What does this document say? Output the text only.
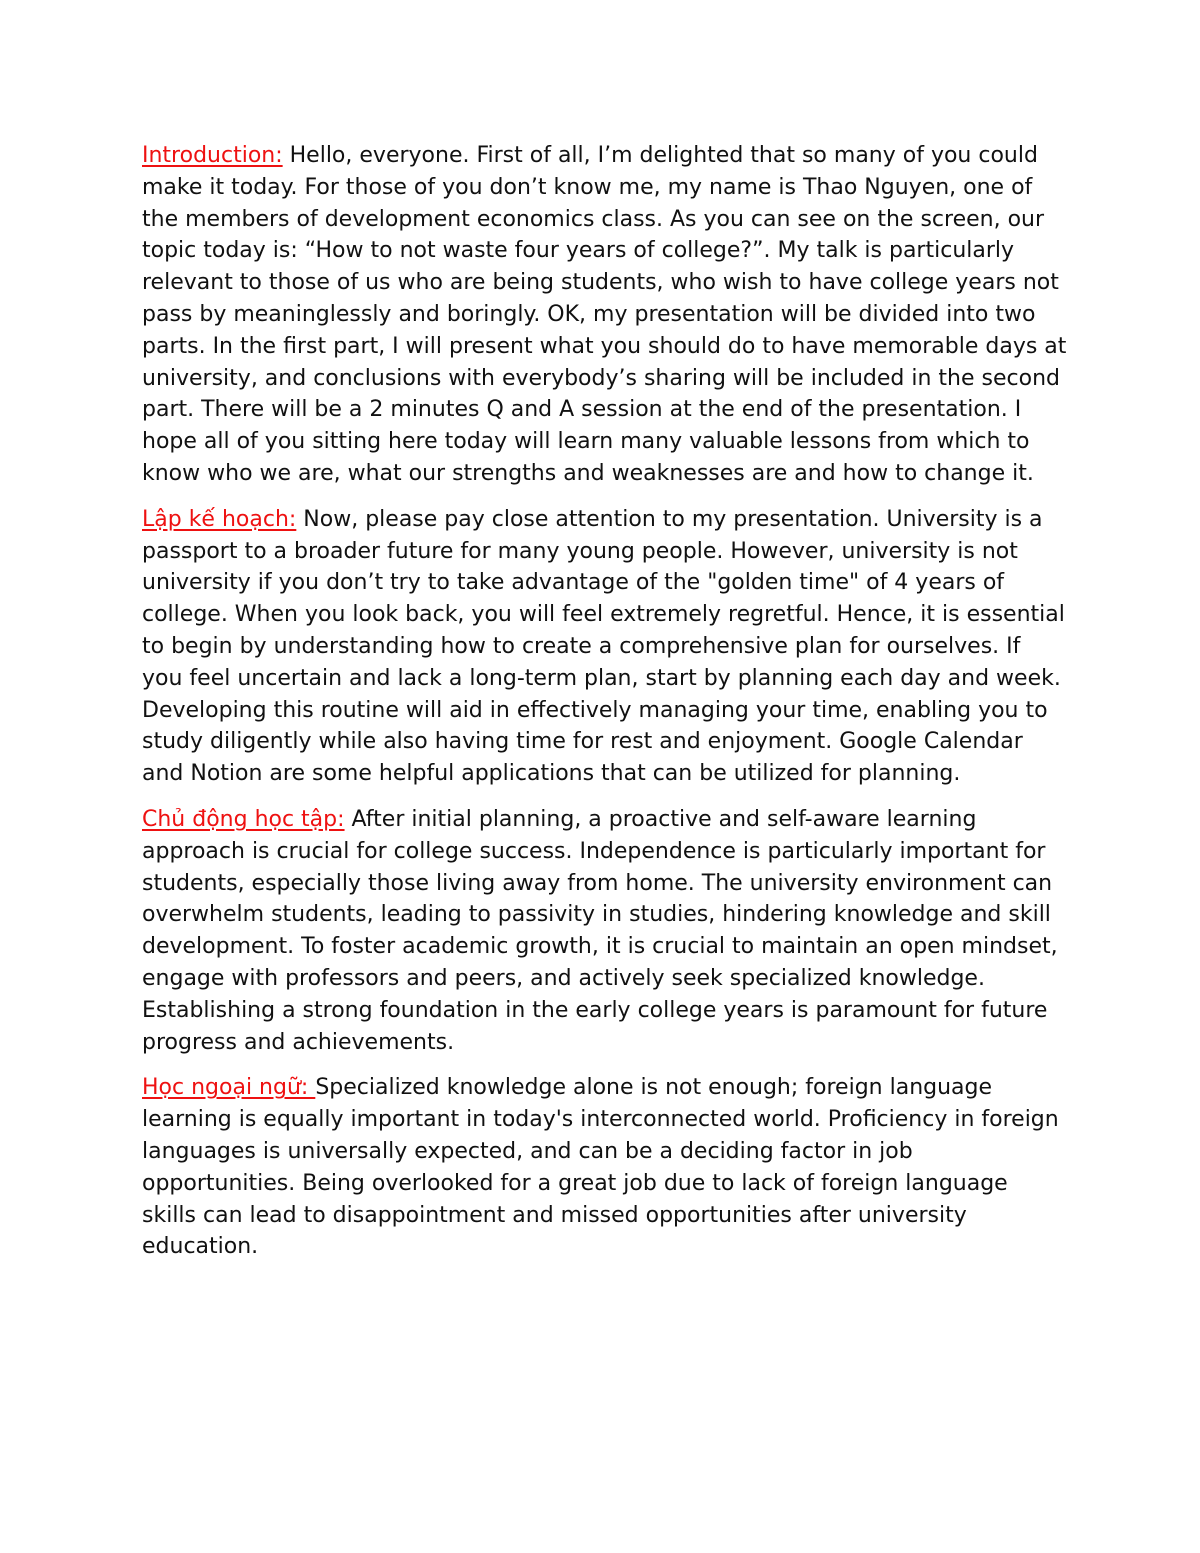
Introduction: Hello, everyone. First of all, I’m delighted that so many of you could make it today. For those of you don’t know me, my name is Thao Nguyen, one of the members of development economics class. As you can see on the screen, our topic today is: “How to not waste four years of college?”. My talk is particularly relevant to those of us who are being students, who wish to have college years not pass by meaninglessly and boringly. OK, my presentation will be divided into two parts. In the first part, I will present what you should do to have memorable days at university, and conclusions with everybody’s sharing will be included in the second part. There will be a 2 minutes Q and A session at the end of the presentation. I hope all of you sitting here today will learn many valuable lessons from which to know who we are, what our strengths and weaknesses are and how to change it.

Lập kế hoạch: Now, please pay close attention to my presentation. University is a passport to a broader future for many young people. However, university is not university if you don’t try to take advantage of the "golden time" of 4 years of college. When you look back, you will feel extremely regretful. Hence, it is essential to begin by understanding how to create a comprehensive plan for ourselves. If you feel uncertain and lack a long-term plan, start by planning each day and week. Developing this routine will aid in effectively managing your time, enabling you to study diligently while also having time for rest and enjoyment. Google Calendar and Notion are some helpful applications that can be utilized for planning.

Chủ động học tập: After initial planning, a proactive and self-aware learning approach is crucial for college success. Independence is particularly important for students, especially those living away from home. The university environment can overwhelm students, leading to passivity in studies, hindering knowledge and skill development. To foster academic growth, it is crucial to maintain an open mindset, engage with professors and peers, and actively seek specialized knowledge. Establishing a strong foundation in the early college years is paramount for future progress and achievements.

Học ngoại ngữ: Specialized knowledge alone is not enough; foreign language learning is equally important in today's interconnected world. Proficiency in foreign languages is universally expected, and can be a deciding factor in job opportunities. Being overlooked for a great job due to lack of foreign language skills can lead to disappointment and missed opportunities after university education.
